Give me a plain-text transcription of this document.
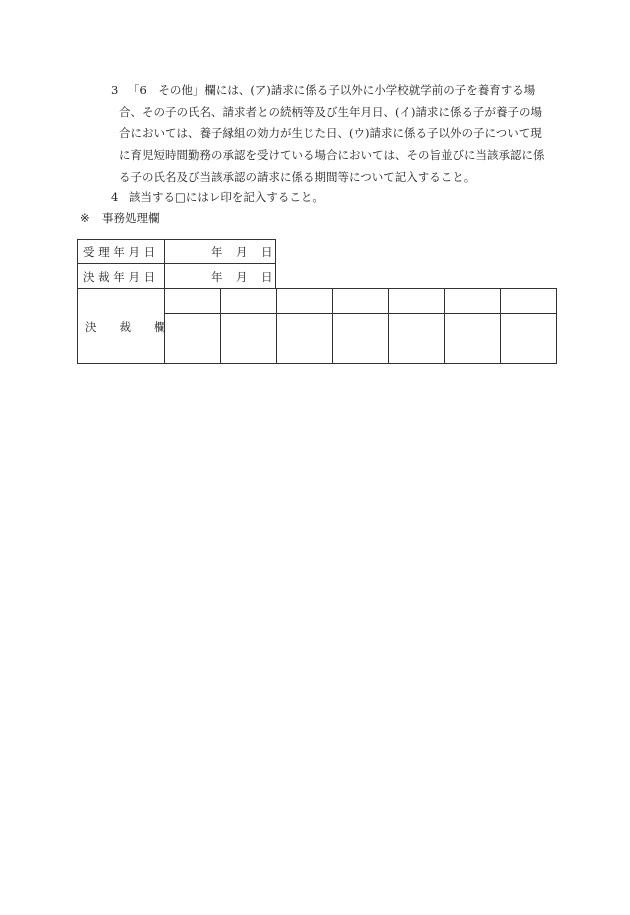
3 「6　その他」欄には、(ア)請求に係る子以外に小学校就学前の子を養育する場
合、その子の氏名、請求者との続柄等及び生年月日、(イ)請求に係る子が養子の場
合においては、養子縁組の効力が生じた日、(ウ)請求に係る子以外の子について現
に育児短時間勤務の承認を受けている場合においては、その旨並びに当該承認に係
る子の氏名及び当該承認の請求に係る期間等について記入すること。
4 該当する□にはレ印を記入すること。
※ 事務処理欄
受 理 年 月 日	年 月 日
決 裁 年 月 日	年 月 日
決　　裁　　欄
